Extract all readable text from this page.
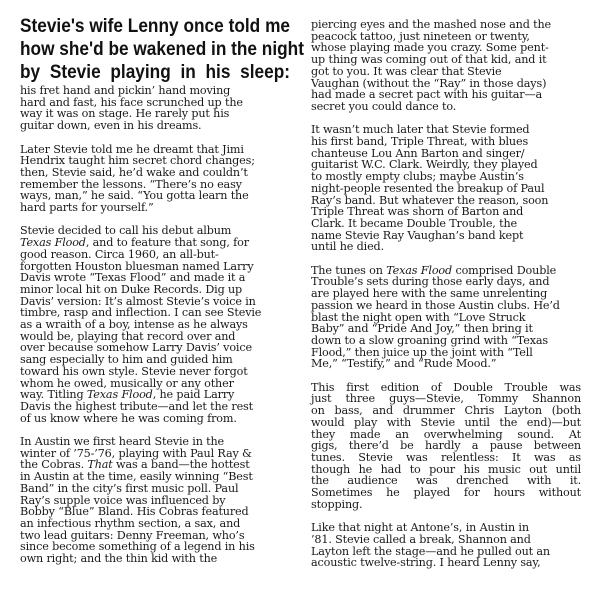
Stevie's wife Lenny once told me
how she'd be wakened in the night
by Stevie playing in his sleep:
his fret hand and pickin’ hand moving
hard and fast, his face scrunched up the
way it was on stage. He rarely put his
guitar down, even in his dreams.
Later Stevie told me he dreamt that Jimi
Hendrix taught him secret chord changes;
then, Stevie said, he’d wake and couldn’t
remember the lessons. “There’s no easy
ways, man,” he said. “You gotta learn the
hard parts for yourself.”
Stevie decided to call his debut album
Texas Flood, and to feature that song, for
good reason. Circa 1960, an all-but-
forgotten Houston bluesman named Larry
Davis wrote “Texas Flood” and made it a
minor local hit on Duke Records. Dig up
Davis’ version: It’s almost Stevie’s voice in
timbre, rasp and inflection. I can see Stevie
as a wraith of a boy, intense as he always
would be, playing that record over and
over because somehow Larry Davis’ voice
sang especially to him and guided him
toward his own style. Stevie never forgot
whom he owed, musically or any other
way. Titling Texas Flood, he paid Larry
Davis the highest tribute—and let the rest
of us know where he was coming from.
In Austin we first heard Stevie in the
winter of ’75-’76, playing with Paul Ray &
the Cobras. That was a band—the hottest
in Austin at the time, easily winning “Best
Band” in the city’s first music poll. Paul
Ray’s supple voice was influenced by
Bobby “Blue” Bland. His Cobras featured
an infectious rhythm section, a sax, and
two lead guitars: Denny Freeman, who’s
since become something of a legend in his
own right; and the thin kid with the
piercing eyes and the mashed nose and the
peacock tattoo, just nineteen or twenty,
whose playing made you crazy. Some pent-
up thing was coming out of that kid, and it
got to you. It was clear that Stevie
Vaughan (without the “Ray” in those days)
had made a secret pact with his guitar—a
secret you could dance to.
It wasn’t much later that Stevie formed
his first band, Triple Threat, with blues
chanteuse Lou Ann Barton and singer/
guitarist W.C. Clark. Weirdly, they played
to mostly empty clubs; maybe Austin’s
night-people resented the breakup of Paul
Ray’s band. But whatever the reason, soon
Triple Threat was shorn of Barton and
Clark. It became Double Trouble, the
name Stevie Ray Vaughan’s band kept
until he died.
The tunes on Texas Flood comprised Double
Trouble’s sets during those early days, and
are played here with the same unrelenting
passion we heard in those Austin clubs. He’d
blast the night open with “Love Struck
Baby” and “Pride And Joy,” then bring it
down to a slow groaning grind with “Texas
Flood,” then juice up the joint with “Tell
Me,” “Testify,” and “Rude Mood.”
This first edition of Double Trouble was
just three guys—Stevie, Tommy Shannon
on bass, and drummer Chris Layton (both
would play with Stevie until the end)—but
they made an overwhelming sound. At
gigs, there’d be hardly a pause between
tunes. Stevie was relentless: It was as
though he had to pour his music out until
the audience was drenched with it.
Sometimes he played for hours without
stopping.
Like that night at Antone’s, in Austin in
’81. Stevie called a break, Shannon and
Layton left the stage—and he pulled out an
acoustic twelve-string. I heard Lenny say,
